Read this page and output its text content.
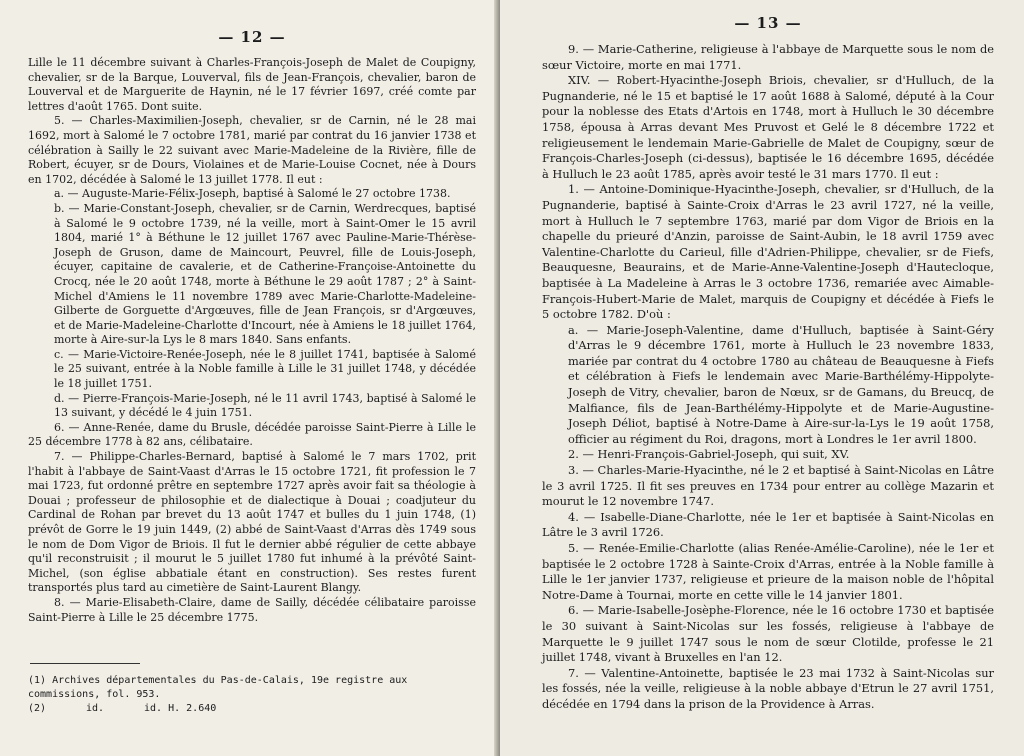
— 12 —

Lille le 11 décembre suivant à Charles-François-Joseph de Malet de Coupigny, chevalier, sr de la Barque, Louverval, fils de Jean-François, chevalier, baron de Louverval et de Marguerite de Haynin, né le 17 février 1697, créé comte par lettres d'août 1765. Dont suite.

5. — Charles-Maximilien-Joseph, chevalier, sr de Carnin, né le 28 mai 1692, mort à Salomé le 7 octobre 1781, marié par contrat du 16 janvier 1738 et célébration à Sailly le 22 suivant avec Marie-Madeleine de la Rivière, fille de Robert, écuyer, sr de Dours, Violaines et de Marie-Louise Cocnet, née à Dours en 1702, décédée à Salomé le 13 juillet 1778. Il eut :

a. — Auguste-Marie-Félix-Joseph, baptisé à Salomé le 27 octobre 1738.

b. — Marie-Constant-Joseph, chevalier, sr de Carnin, Werdrecques, baptisé à Salomé le 9 octobre 1739, né la veille, mort à Saint-Omer le 15 avril 1804, marié 1° à Béthune le 12 juillet 1767 avec Pauline-Marie-Thérèse-Joseph de Gruson, dame de Maincourt, Peuvrel, fille de Louis-Joseph, écuyer, capitaine de cavalerie, et de Catherine-Françoise-Antoinette du Crocq, née le 20 août 1748, morte à Béthune le 29 août 1787 ; 2° à Saint-Michel d'Amiens le 11 novembre 1789 avec Marie-Charlotte-Madeleine-Gilberte de Gorguette d'Argœuves, fille de Jean François, sr d'Argœuves, et de Marie-Madeleine-Charlotte d'Incourt, née à Amiens le 18 juillet 1764, morte à Aire-sur-la Lys le 8 mars 1840. Sans enfants.

c. — Marie-Victoire-Renée-Joseph, née le 8 juillet 1741, baptisée à Salomé le 25 suivant, entrée à la Noble famille à Lille le 31 juillet 1748, y décédée le 18 juillet 1751.

d. — Pierre-François-Marie-Joseph, né le 11 avril 1743, baptisé à Salomé le 13 suivant, y décédé le 4 juin 1751.

6. — Anne-Renée, dame du Brusle, décédée paroisse Saint-Pierre à Lille le 25 décembre 1778 à 82 ans, célibataire.

7. — Philippe-Charles-Bernard, baptisé à Salomé le 7 mars 1702, prit l'habit à l'abbaye de Saint-Vaast d'Arras le 15 octobre 1721, fit profession le 7 mai 1723, fut ordonné prêtre en septembre 1727 après avoir fait sa théologie à Douai ; professeur de philosophie et de dialectique à Douai ; coadjuteur du Cardinal de Rohan par brevet du 13 août 1747 et bulles du 1 juin 1748, (1) prévôt de Gorre le 19 juin 1449, (2) abbé de Saint-Vaast d'Arras dès 1749 sous le nom de Dom Vigor de Briois. Il fut le dernier abbé régulier de cette abbaye qu'il reconstruisit ; il mourut le 5 juillet 1780 fut inhumé à la prévôté Saint-Michel, (son église abbatiale étant en construction). Ses restes furent transportés plus tard au cimetière de Saint-Laurent Blangy.

8. — Marie-Elisabeth-Claire, dame de Sailly, décédée célibataire paroisse Saint-Pierre à Lille le 25 décembre 1775.

(1) Archives départementales du Pas-de-Calais, 19e registre aux commissions, fol. 953.

(2)	id.	id. H. 2.640

— 13 —

9. — Marie-Catherine, religieuse à l'abbaye de Marquette sous le nom de sœur Victoire, morte en mai 1771.

XIV. — Robert-Hyacinthe-Joseph Briois, chevalier, sr d'Hulluch, de la Pugnanderie, né le 15 et baptisé le 17 août 1688 à Salomé, député à la Cour pour la noblesse des Etats d'Artois en 1748, mort à Hulluch le 30 décembre 1758, épousa à Arras devant Mes Pruvost et Gelé le 8 décembre 1722 et religieusement le lendemain Marie-Gabrielle de Malet de Coupigny, sœur de François-Charles-Joseph (ci-dessus), baptisée le 16 décembre 1695, décédée à Hulluch le 23 août 1785, après avoir testé le 31 mars 1770. Il eut :

1. — Antoine-Dominique-Hyacinthe-Joseph, chevalier, sr d'Hulluch, de la Pugnanderie, baptisé à Sainte-Croix d'Arras le 23 avril 1727, né la veille, mort à Hulluch le 7 septembre 1763, marié par dom Vigor de Briois en la chapelle du prieuré d'Anzin, paroisse de Saint-Aubin, le 18 avril 1759 avec Valentine-Charlotte du Carieul, fille d'Adrien-Philippe, chevalier, sr de Fiefs, Beauquesne, Beaurains, et de Marie-Anne-Valentine-Joseph d'Hautecloque, baptisée à La Madeleine à Arras le 3 octobre 1736, remariée avec Aimable-François-Hubert-Marie de Malet, marquis de Coupigny et décédée à Fiefs le 5 octobre 1782. D'où :

a. — Marie-Joseph-Valentine, dame d'Hulluch, baptisée à Saint-Géry d'Arras le 9 décembre 1761, morte à Hulluch le 23 novembre 1833, mariée par contrat du 4 octobre 1780 au château de Beauquesne à Fiefs et célébration à Fiefs le lendemain avec Marie-Barthélémy-Hippolyte-Joseph de Vitry, chevalier, baron de Nœux, sr de Gamans, du Breucq, de Malfiance, fils de Jean-Barthélémy-Hippolyte et de Marie-Augustine-Joseph Déliot, baptisé à Notre-Dame à Aire-sur-la-Lys le 19 août 1758, officier au régiment du Roi, dragons, mort à Londres le 1er avril 1800.

2. — Henri-François-Gabriel-Joseph, qui suit, XV.

3. — Charles-Marie-Hyacinthe, né le 2 et baptisé à Saint-Nicolas en Lâtre le 3 avril 1725. Il fit ses preuves en 1734 pour entrer au collège Mazarin et mourut le 12 novembre 1747.

4. — Isabelle-Diane-Charlotte, née le 1er et baptisée à Saint-Nicolas en Lâtre le 3 avril 1726.

5. — Renée-Emilie-Charlotte (alias Renée-Amélie-Caroline), née le 1er et baptisée le 2 octobre 1728 à Sainte-Croix d'Arras, entrée à la Noble famille à Lille le 1er janvier 1737, religieuse et prieure de la maison noble de l'hôpital Notre-Dame à Tournai, morte en cette ville le 14 janvier 1801.

6. — Marie-Isabelle-Josèphe-Florence, née le 16 octobre 1730 et baptisée le 30 suivant à Saint-Nicolas sur les fossés, religieuse à l'abbaye de Marquette le 9 juillet 1747 sous le nom de sœur Clotilde, professe le 21 juillet 1748, vivant à Bruxelles en l'an 12.

7. — Valentine-Antoinette, baptisée le 23 mai 1732 à Saint-Nicolas sur les fossés, née la veille, religieuse à la noble abbaye d'Etrun le 27 avril 1751, décédée en 1794 dans la prison de la Providence à Arras.
